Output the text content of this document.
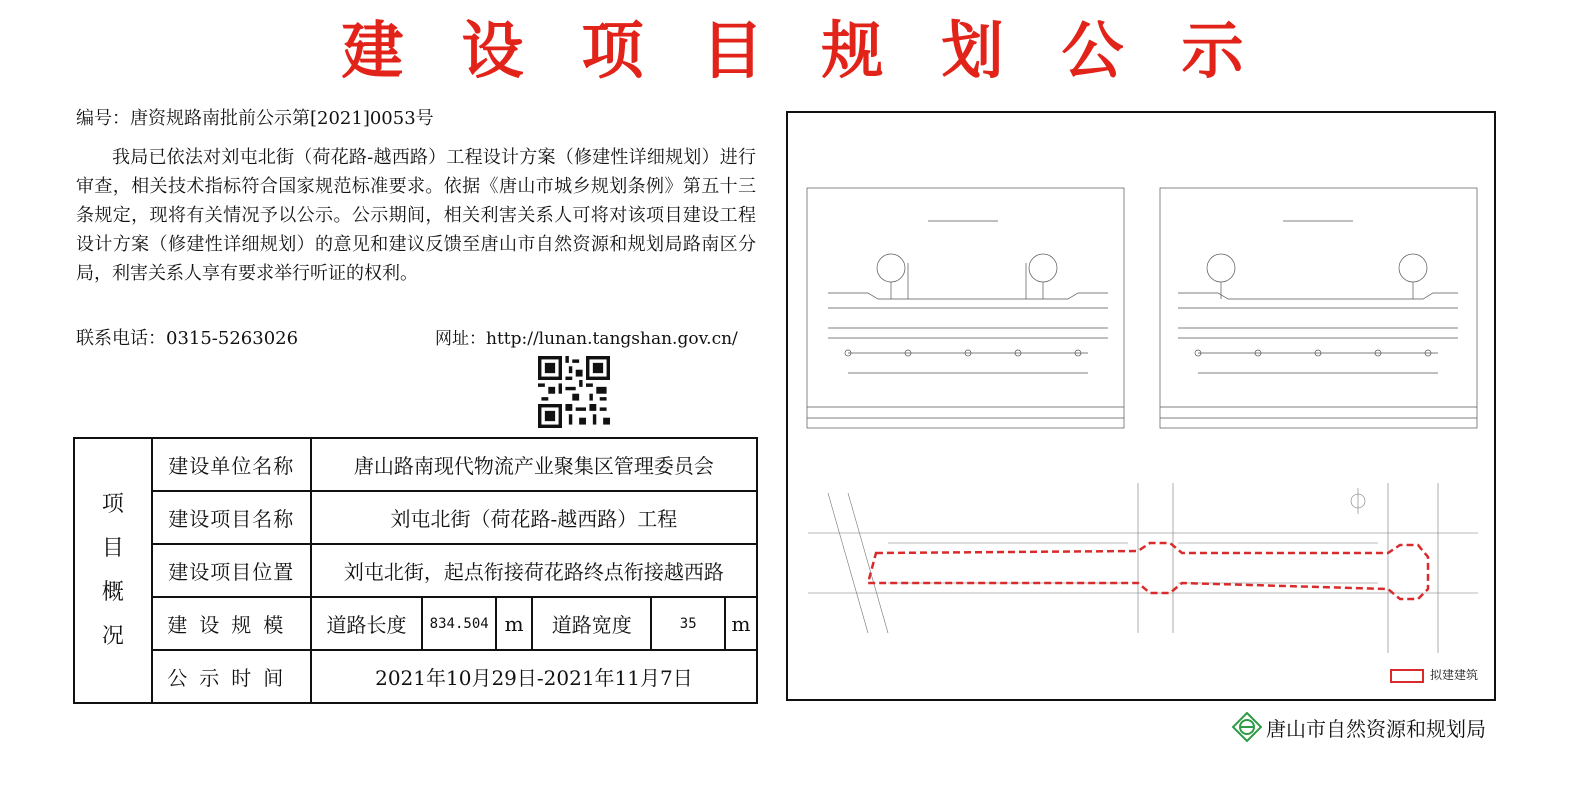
建设项目规划公示
编号：唐资规路南批前公示第[2021]0053号
我局已依法对刘屯北街（荷花路-越西路）工程设计方案（修建性详细规划）进行审查，相关技术指标符合国家规范标准要求。依据《唐山市城乡规划条例》第五十三条规定，现将有关情况予以公示。公示期间，相关利害关系人可将对该项目建设工程设计方案（修建性详细规划）的意见和建议反馈至唐山市自然资源和规划局路南区分局，利害关系人享有要求举行听证的权利。
联系电话：0315-5263026	网址：http://lunan.tangshan.gov.cn/
项目概况	建设单位名称	唐山路南现代物流产业聚集区管理委员会					
	建设项目名称	刘屯北街（荷花路-越西路）工程					
	建设项目位置	刘屯北街，起点衔接荷花路终点衔接越西路					
	建设规模	道路长度	834.504	m	道路宽度	35	m
	公示时间	2021年10月29日-2021年11月7日						拟建建筑
唐山市自然资源和规划局
